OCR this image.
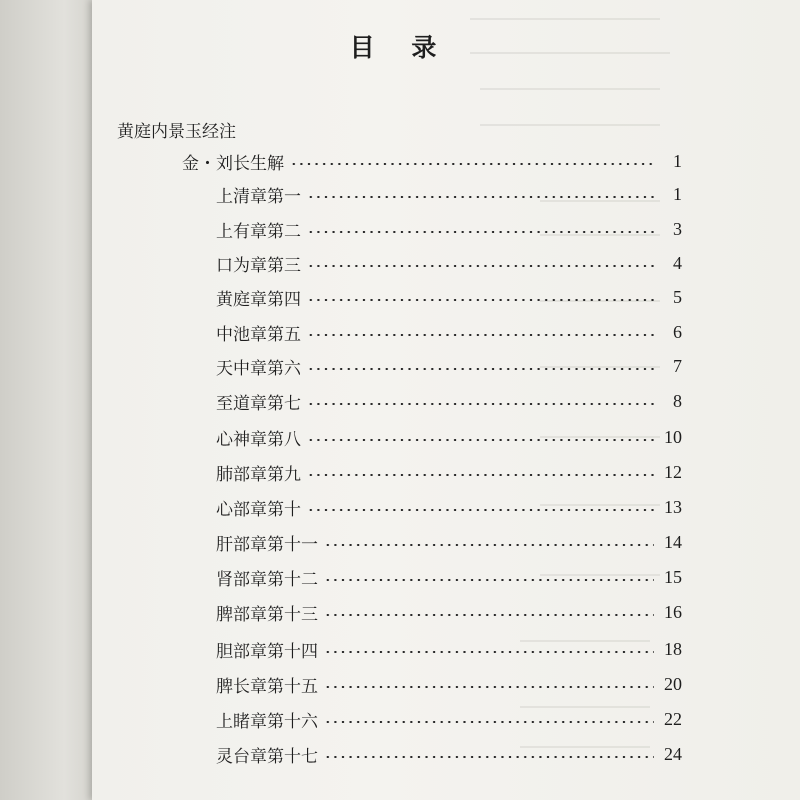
目 录
黄庭内景玉经注
金・刘长生解	1
上清章第一	1
上有章第二	3
口为章第三	4
黄庭章第四	5
中池章第五	6
天中章第六	7
至道章第七	8
心神章第八	10
肺部章第九	12
心部章第十	13
肝部章第十一	14
肾部章第十二	15
脾部章第十三	16
胆部章第十四	18
脾长章第十五	20
上睹章第十六	22
灵台章第十七	24
